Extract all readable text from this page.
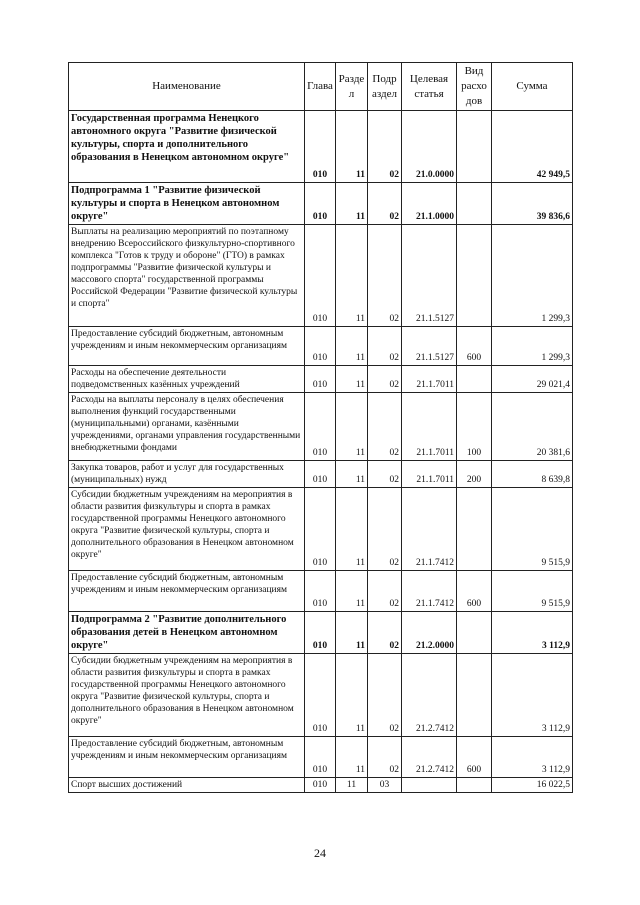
Наименование	Глава	Разде л	Подр аздел	Целевая статья	Вид расхо дов	Сумма
Государственная программа Ненецкого автономного округа "Развитие физической культуры, спорта и дополнительного образования в Ненецком автономном округе"	010	11	02	21.0.0000		42 949,5
Подпрограмма 1 "Развитие физической культуры и спорта в Ненецком автономном округе"	010	11	02	21.1.0000		39 836,6
Выплаты на реализацию мероприятий по поэтапному внедрению Всероссийского физкультурно-спортивного комплекса "Готов к труду и обороне" (ГТО) в рамках подпрограммы "Развитие физической культуры и массового спорта" государственной программы Российской Федерации "Развитие физической культуры и спорта"	010	11	02	21.1.5127		1 299,3
Предоставление субсидий бюджетным, автономным учреждениям и иным некоммерческим организациям	010	11	02	21.1.5127	600	1 299,3
Расходы на обеспечение деятельности подведомственных казённых учреждений	010	11	02	21.1.7011		29 021,4
Расходы на выплаты персоналу в целях обеспечения выполнения функций государственными (муниципальными) органами, казёнными учреждениями, органами управления государственными внебюджетными фондами	010	11	02	21.1.7011	100	20 381,6
Закупка товаров, работ и услуг для государственных (муниципальных) нужд	010	11	02	21.1.7011	200	8 639,8
Субсидии бюджетным учреждениям на мероприятия в области развития физкультуры и спорта в рамках государственной программы Ненецкого автономного округа "Развитие физической культуры, спорта и дополнительного образования в Ненецком автономном округе"	010	11	02	21.1.7412		9 515,9
Предоставление субсидий бюджетным, автономным учреждениям и иным некоммерческим организациям	010	11	02	21.1.7412	600	9 515,9
Подпрограмма 2 "Развитие дополнительного образования детей в Ненецком автономном округе"	010	11	02	21.2.0000		3 112,9
Субсидии бюджетным учреждениям на мероприятия в области развития физкультуры и спорта в рамках государственной программы Ненецкого автономного округа "Развитие физической культуры, спорта и дополнительного образования в Ненецком автономном округе"	010	11	02	21.2.7412		3 112,9
Предоставление субсидий бюджетным, автономным учреждениям и иным некоммерческим организациям	010	11	02	21.2.7412	600	3 112,9
Спорт высших достижений	010	11	03			16 022,5
24
